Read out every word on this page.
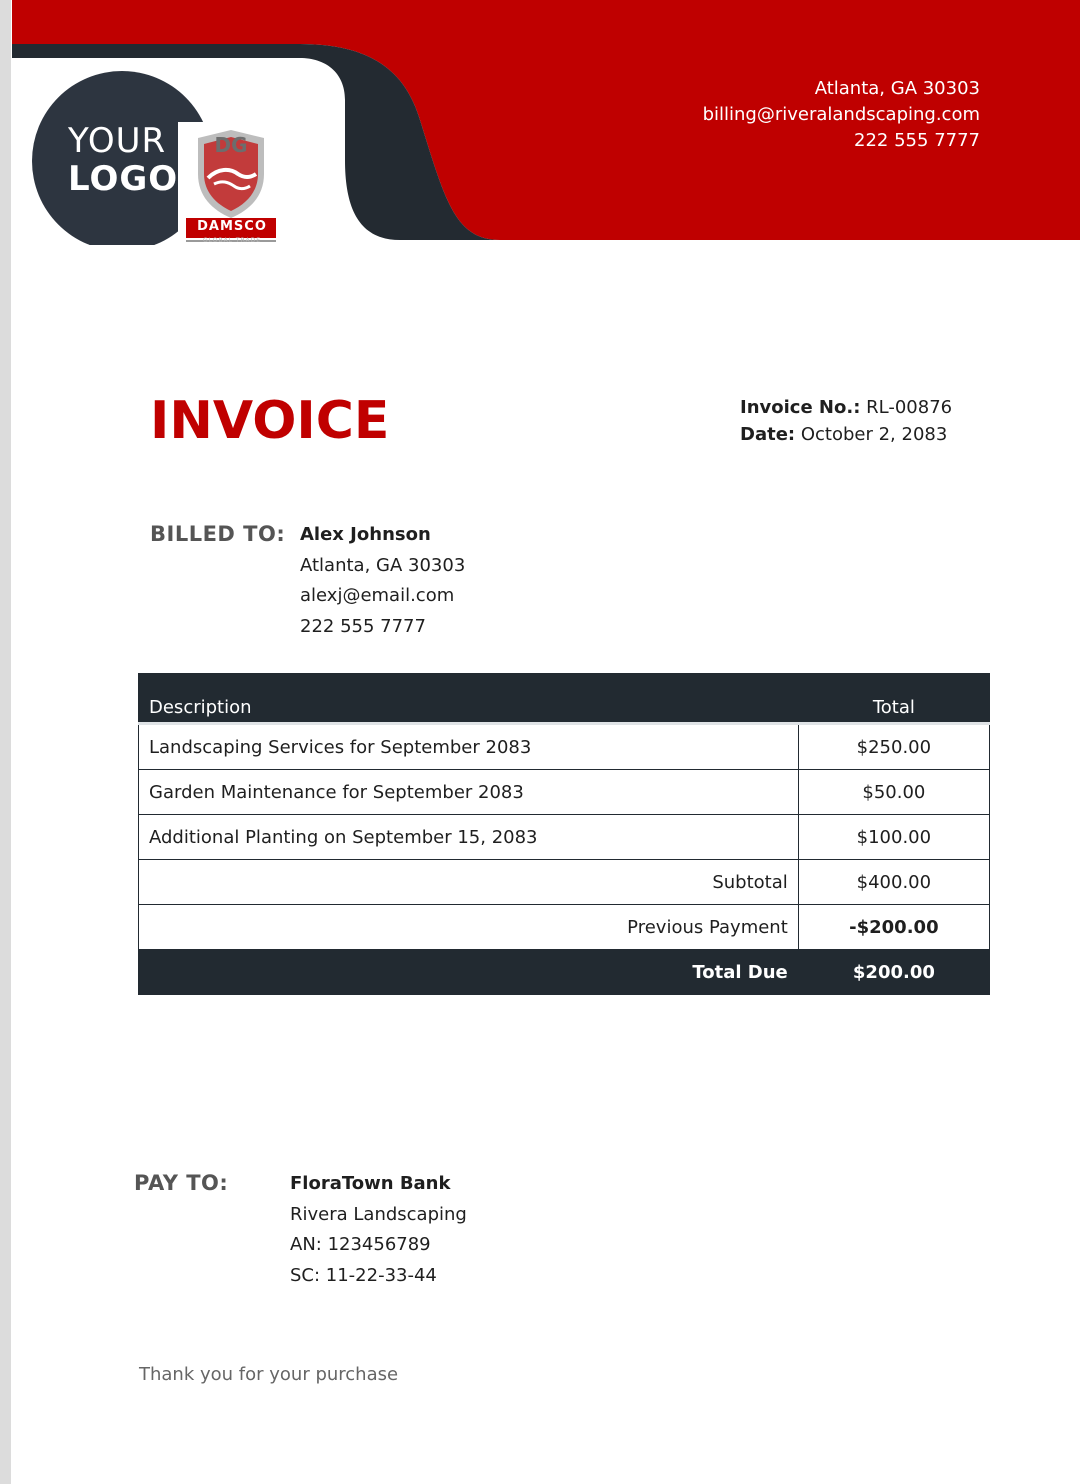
YOUR
LOGO
DG
DAMSCO
GLOBAL TRADE
Atlanta, GA 30303
billing@riveralandscaping.com
222 555 7777
INVOICE	Invoice No.: RL-00876
Date: October 2, 2083
BILLED TO: Alex Johnson
Atlanta, GA 30303
alexj@email.com
222 555 7777
Description	Total
Landscaping Services for September 2083	$250.00
Garden Maintenance for September 2083	$50.00
Additional Planting on September 15, 2083	$100.00
Subtotal	$400.00
Previous Payment	-$200.00
Total Due	$200.00
PAY TO:	FloraTown Bank
Rivera Landscaping
AN: 123456789
SC: 11-22-33-44
Thank you for your purchase
